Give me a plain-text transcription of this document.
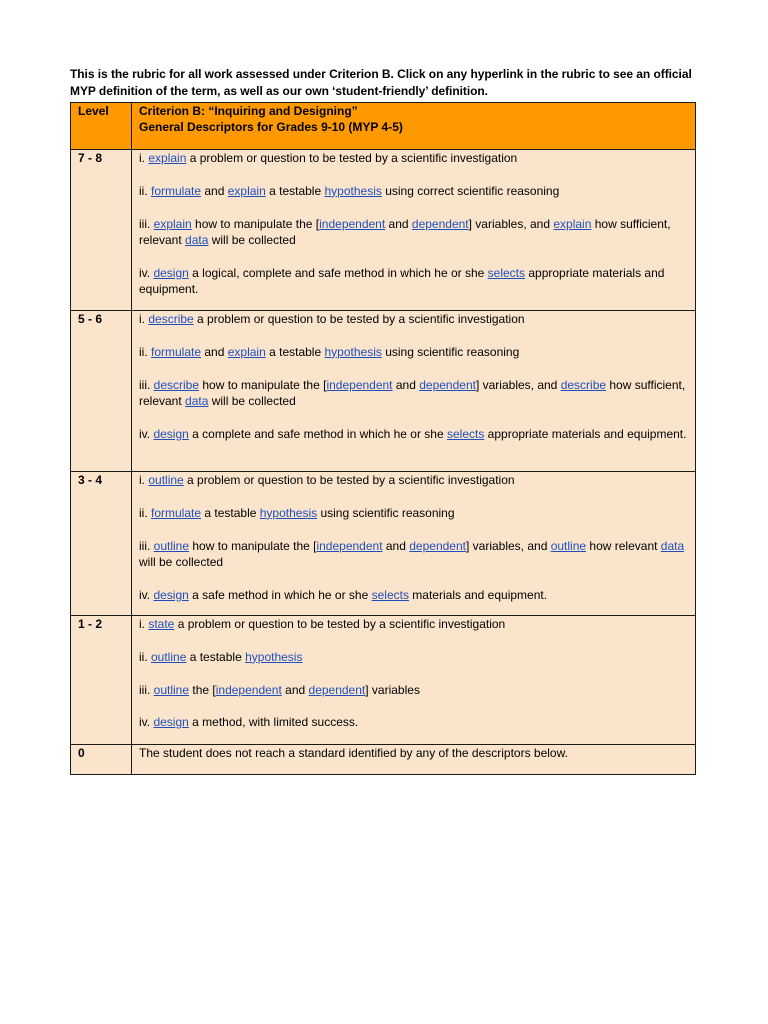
This is the rubric for all work assessed under Criterion B. Click on any hyperlink in the rubric to see an official MYP definition of the term, as well as our own ‘student-friendly’ definition.
Level	Criterion B: “Inquiring and Designing”
General Descriptors for Grades 9-10 (MYP 4-5)

7 - 8	i. explain a problem or question to be tested by a scientific investigation
ii. formulate and explain a testable hypothesis using correct scientific reasoning
iii. explain how to manipulate the [independent and dependent] variables, and explain how sufficient, relevant data will be collected
iv. design a logical, complete and safe method in which he or she selects appropriate materials and equipment.

5 - 6	i. describe a problem or question to be tested by a scientific investigation
ii. formulate and explain a testable hypothesis using scientific reasoning
iii. describe how to manipulate the [independent and dependent] variables, and describe how sufficient, relevant data will be collected
iv. design a complete and safe method in which he or she selects appropriate materials and equipment.

3 - 4	i. outline a problem or question to be tested by a scientific investigation
ii. formulate a testable hypothesis using scientific reasoning
iii. outline how to manipulate the [independent and dependent] variables, and outline how relevant data will be collected
iv. design a safe method in which he or she selects materials and equipment.

1 - 2	i. state a problem or question to be tested by a scientific investigation
ii. outline a testable hypothesis
iii. outline the [independent and dependent] variables
iv. design a method, with limited success.

0	The student does not reach a standard identified by any of the descriptors below.
